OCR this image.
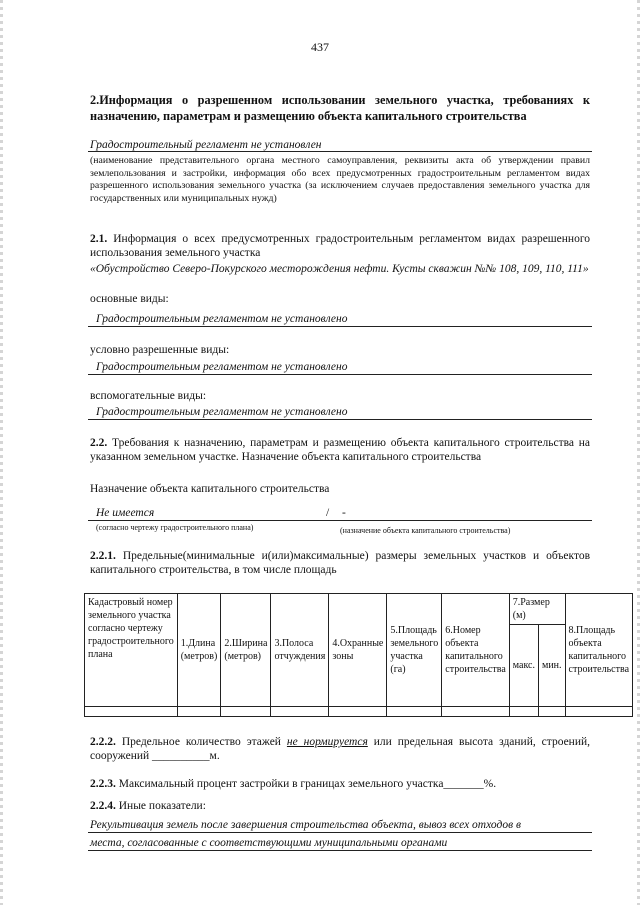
437
2.Информация о разрешенном использовании земельного участка, требованиях к назначению, параметрам и размещению объекта капитального строительства
Градостроительный регламент не установлен
(наименование представительного органа местного самоуправления, реквизиты акта об утверждении правил землепользования и застройки, информация обо всех предусмотренных градостроительным регламентом видах разрешенного использования земельного участка (за исключением случаев предоставления земельного участка для государственных или муниципальных нужд)
2.1. Информация о всех предусмотренных градостроительным регламентом видах разрешенного использования земельного участка
«Обустройство Северо-Покурского месторождения нефти. Кусты скважин №№ 108, 109, 110, 111»
основные виды:
Градостроительным регламентом не установлено
условно разрешенные виды:
Градостроительным регламентом не установлено
вспомогательные виды:
Градостроительным регламентом не установлено
2.2. Требования к назначению, параметрам и размещению объекта капитального строительства на указанном земельном участке. Назначение объекта капитального строительства
Назначение объекта капитального строительства
Не имеется	/ -
(согласно чертежу градостроительного плана)	(назначение объекта капитального строительства)
2.2.1. Предельные(минимальные и(или)максимальные) размеры земельных участков и объектов капитального строительства, в том числе площадь
Кадастровый номер земельного участка согласно чертежу градостроительного плана	1.Длина (метров)	2.Ширина (метров)	3.Полоса отчуждения	4.Охранные зоны	5.Площадь земельного участка (га)	6.Номер объекта капитального строительства	7.Размер (м)		8.Площадь объекта капитального строительства
							макс.	мин.	

2.2.2. Предельное количество этажей не нормируется или предельная высота зданий, строений, сооружений __________м.
2.2.3. Максимальный процент застройки в границах земельного участка_______%.
2.2.4. Иные показатели:
Рекультивация земель после завершения строительства объекта, вывоз всех отходов в
места, согласованные с соответствующими муниципальными органами
